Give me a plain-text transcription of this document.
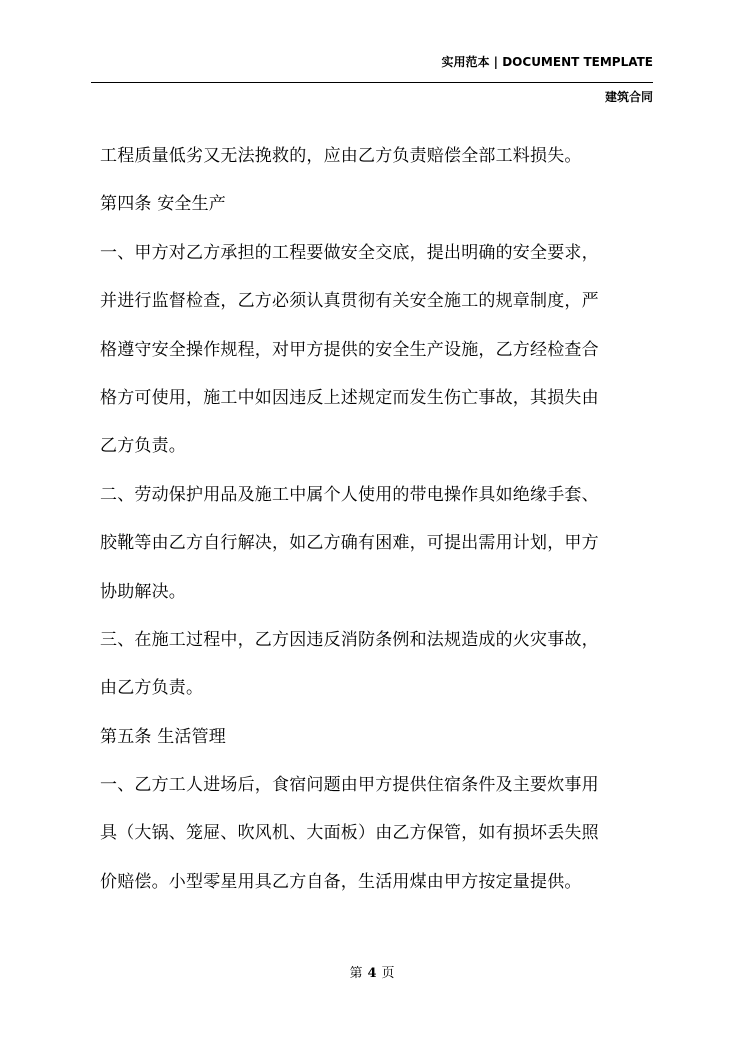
实用范本 | DOCUMENT TEMPLATE
建筑合同
工程质量低劣又无法挽救的，应由乙方负责赔偿全部工料损失。
第四条 安全生产
一、甲方对乙方承担的工程要做安全交底，提出明确的安全要求，
并进行监督检查，乙方必须认真贯彻有关安全施工的规章制度，严
格遵守安全操作规程，对甲方提供的安全生产设施，乙方经检查合
格方可使用，施工中如因违反上述规定而发生伤亡事故，其损失由
乙方负责。
二、劳动保护用品及施工中属个人使用的带电操作具如绝缘手套、
胶靴等由乙方自行解决，如乙方确有困难，可提出需用计划，甲方
协助解决。
三、在施工过程中，乙方因违反消防条例和法规造成的火灾事故，
由乙方负责。
第五条 生活管理
一、乙方工人进场后，食宿问题由甲方提供住宿条件及主要炊事用
具（大锅、笼屉、吹风机、大面板）由乙方保管，如有损坏丢失照
价赔偿。小型零星用具乙方自备，生活用煤由甲方按定量提供。
第 4 页
